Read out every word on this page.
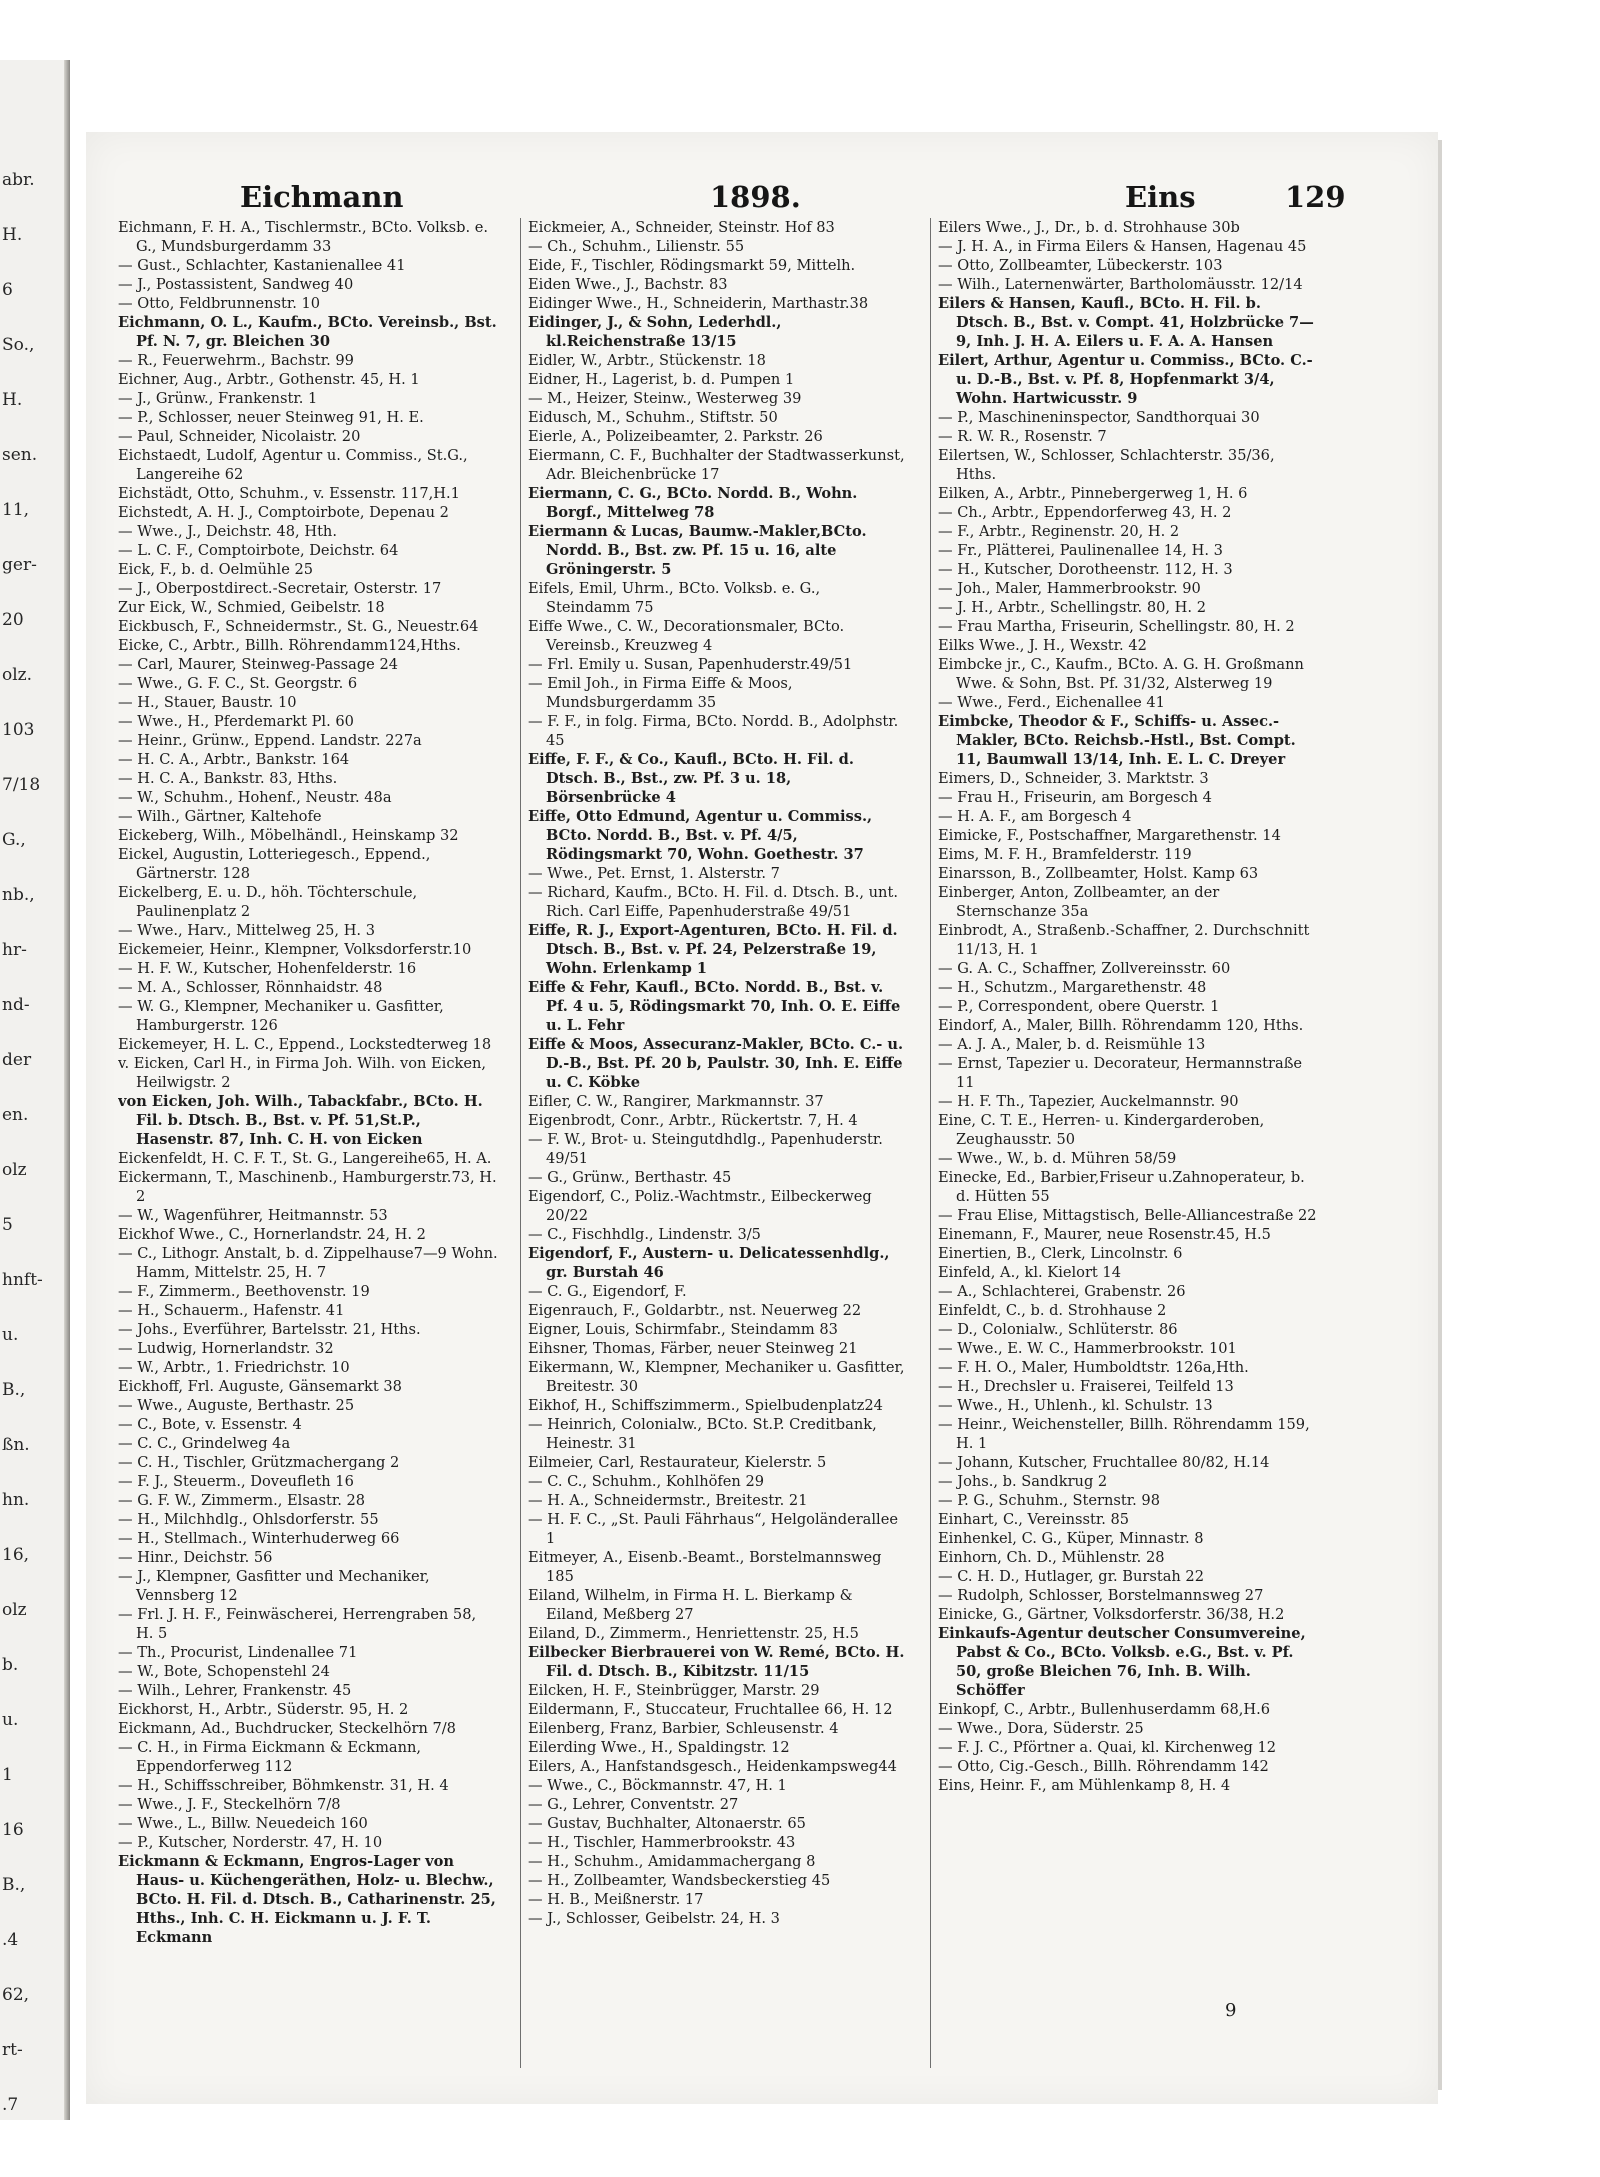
abr.
H.
6
So.,
H.
sen.
11,
ger-
20
olz.
103
7/18
G.,
nb.,
hr-
nd-
der
en.
olz
5
hnft-
u.
B.,
ßn.
hn.
16,
olz
b.
u.
1
16
B.,
.4
62,
rt-
.7
Eichmann	1898.	Eins	129

Eichmann, F. H. A., Tischlermstr., BCto. Volksb. e. G., Mundsburgerdamm 33

— Gust., Schlachter, Kastanienallee 41

— J., Postassistent, Sandweg 40

— Otto, Feldbrunnenstr. 10

Eichmann, O. L., Kaufm., BCto. Vereinsb., Bst. Pf. N. 7, gr. Bleichen 30

— R., Feuerwehrm., Bachstr. 99

Eichner, Aug., Arbtr., Gothenstr. 45, H. 1

— J., Grünw., Frankenstr. 1

— P., Schlosser, neuer Steinweg 91, H. E.

— Paul, Schneider, Nicolaistr. 20

Eichstaedt, Ludolf, Agentur u. Commiss., St.G., Langereihe 62

Eichstädt, Otto, Schuhm., v. Essenstr. 117,H.1

Eichstedt, A. H. J., Comptoirbote, Depenau 2

— Wwe., J., Deichstr. 48, Hth.

— L. C. F., Comptoirbote, Deichstr. 64

Eick, F., b. d. Oelmühle 25

— J., Oberpostdirect.-Secretair, Osterstr. 17

Zur Eick, W., Schmied, Geibelstr. 18

Eickbusch, F., Schneidermstr., St. G., Neuestr.64

Eicke, C., Arbtr., Billh. Röhrendamm124,Hths.

— Carl, Maurer, Steinweg-Passage 24

— Wwe., G. F. C., St. Georgstr. 6

— H., Stauer, Baustr. 10

— Wwe., H., Pferdemarkt Pl. 60

— Heinr., Grünw., Eppend. Landstr. 227a

— H. C. A., Arbtr., Bankstr. 164

— H. C. A., Bankstr. 83, Hths.

— W., Schuhm., Hohenf., Neustr. 48a

— Wilh., Gärtner, Kaltehofe

Eickeberg, Wilh., Möbelhändl., Heinskamp 32

Eickel, Augustin, Lotteriegesch., Eppend., Gärtnerstr. 128

Eickelberg, E. u. D., höh. Töchterschule, Paulinenplatz 2

— Wwe., Harv., Mittelweg 25, H. 3

Eickemeier, Heinr., Klempner, Volksdorferstr.10

— H. F. W., Kutscher, Hohenfelderstr. 16

— M. A., Schlosser, Rönnhaidstr. 48

— W. G., Klempner, Mechaniker u. Gasfitter, Hamburgerstr. 126

Eickemeyer, H. L. C., Eppend., Lockstedterweg 18

v. Eicken, Carl H., in Firma Joh. Wilh. von Eicken, Heilwigstr. 2

von Eicken, Joh. Wilh., Tabackfabr., BCto. H. Fil. b. Dtsch. B., Bst. v. Pf. 51,St.P., Hasenstr. 87, Inh. C. H. von Eicken

Eickenfeldt, H. C. F. T., St. G., Langereihe65, H. A.

Eickermann, T., Maschinenb., Hamburgerstr.73, H. 2

— W., Wagenführer, Heitmannstr. 53

Eickhof Wwe., C., Hornerlandstr. 24, H. 2

— C., Lithogr. Anstalt, b. d. Zippelhause7—9 Wohn. Hamm, Mittelstr. 25, H. 7

— F., Zimmerm., Beethovenstr. 19

— H., Schauerm., Hafenstr. 41

— Johs., Everführer, Bartelsstr. 21, Hths.

— Ludwig, Hornerlandstr. 32

— W., Arbtr., 1. Friedrichstr. 10

Eickhoff, Frl. Auguste, Gänsemarkt 38

— Wwe., Auguste, Berthastr. 25

— C., Bote, v. Essenstr. 4

— C. C., Grindelweg 4a

— C. H., Tischler, Grützmachergang 2

— F. J., Steuerm., Doveufleth 16

— G. F. W., Zimmerm., Elsastr. 28

— H., Milchhdlg., Ohlsdorferstr. 55

— H., Stellmach., Winterhuderweg 66

— Hinr., Deichstr. 56

— J., Klempner, Gasfitter und Mechaniker, Vennsberg 12

— Frl. J. H. F., Feinwäscherei, Herrengraben 58, H. 5

— Th., Procurist, Lindenallee 71

— W., Bote, Schopenstehl 24

— Wilh., Lehrer, Frankenstr. 45

Eickhorst, H., Arbtr., Süderstr. 95, H. 2

Eickmann, Ad., Buchdrucker, Steckelhörn 7/8

— C. H., in Firma Eickmann & Eckmann, Eppendorferweg 112

— H., Schiffsschreiber, Böhmkenstr. 31, H. 4

— Wwe., J. F., Steckelhörn 7/8

— Wwe., L., Billw. Neuedeich 160

— P., Kutscher, Norderstr. 47, H. 10

Eickmann & Eckmann, Engros-Lager von Haus- u. Küchengeräthen, Holz- u. Blechw., BCto. H. Fil. d. Dtsch. B., Catharinenstr. 25, Hths., Inh. C. H. Eickmann u. J. F. T. Eckmann

Eickmeier, A., Schneider, Steinstr. Hof 83

— Ch., Schuhm., Lilienstr. 55

Eide, F., Tischler, Rödingsmarkt 59, Mittelh.

Eiden Wwe., J., Bachstr. 83

Eidinger Wwe., H., Schneiderin, Marthastr.38

Eidinger, J., & Sohn, Lederhdl., kl.Reichenstraße 13/15

Eidler, W., Arbtr., Stückenstr. 18

Eidner, H., Lagerist, b. d. Pumpen 1

— M., Heizer, Steinw., Westerweg 39

Eidusch, M., Schuhm., Stiftstr. 50

Eierle, A., Polizeibeamter, 2. Parkstr. 26

Eiermann, C. F., Buchhalter der Stadtwasserkunst, Adr. Bleichenbrücke 17

Eiermann, C. G., BCto. Nordd. B., Wohn. Borgf., Mittelweg 78

Eiermann & Lucas, Baumw.-Makler,BCto. Nordd. B., Bst. zw. Pf. 15 u. 16, alte Gröningerstr. 5

Eifels, Emil, Uhrm., BCto. Volksb. e. G., Steindamm 75

Eiffe Wwe., C. W., Decorationsmaler, BCto. Vereinsb., Kreuzweg 4

— Frl. Emily u. Susan, Papenhuderstr.49/51

— Emil Joh., in Firma Eiffe & Moos, Mundsburgerdamm 35

— F. F., in folg. Firma, BCto. Nordd. B., Adolphstr. 45

Eiffe, F. F., & Co., Kaufl., BCto. H. Fil. d. Dtsch. B., Bst., zw. Pf. 3 u. 18, Börsenbrücke 4

Eiffe, Otto Edmund, Agentur u. Commiss., BCto. Nordd. B., Bst. v. Pf. 4/5, Rödingsmarkt 70, Wohn. Goethestr. 37

— Wwe., Pet. Ernst, 1. Alsterstr. 7

— Richard, Kaufm., BCto. H. Fil. d. Dtsch. B., unt. Rich. Carl Eiffe, Papenhuderstraße 49/51

Eiffe, R. J., Export-Agenturen, BCto. H. Fil. d. Dtsch. B., Bst. v. Pf. 24, Pelzerstraße 19, Wohn. Erlenkamp 1

Eiffe & Fehr, Kaufl., BCto. Nordd. B., Bst. v. Pf. 4 u. 5, Rödingsmarkt 70, Inh. O. E. Eiffe u. L. Fehr

Eiffe & Moos, Assecuranz-Makler, BCto. C.- u. D.-B., Bst. Pf. 20 b, Paulstr. 30, Inh. E. Eiffe u. C. Köbke

Eifler, C. W., Rangirer, Markmannstr. 37

Eigenbrodt, Conr., Arbtr., Rückertstr. 7, H. 4

— F. W., Brot- u. Steingutdhdlg., Papenhuderstr. 49/51

— G., Grünw., Berthastr. 45

Eigendorf, C., Poliz.-Wachtmstr., Eilbeckerweg 20/22

— C., Fischhdlg., Lindenstr. 3/5

Eigendorf, F., Austern- u. Delicatessenhdlg., gr. Burstah 46

— C. G., Eigendorf, F.

Eigenrauch, F., Goldarbtr., nst. Neuerweg 22

Eigner, Louis, Schirmfabr., Steindamm 83

Eihsner, Thomas, Färber, neuer Steinweg 21

Eikermann, W., Klempner, Mechaniker u. Gasfitter, Breitestr. 30

Eikhof, H., Schiffszimmerm., Spielbudenplatz24

— Heinrich, Colonialw., BCto. St.P. Creditbank, Heinestr. 31

Eilmeier, Carl, Restaurateur, Kielerstr. 5

— C. C., Schuhm., Kohlhöfen 29

— H. A., Schneidermstr., Breitestr. 21

— H. F. C., „St. Pauli Fährhaus“, Helgoländerallee 1

Eitmeyer, A., Eisenb.-Beamt., Borstelmannsweg 185

Eiland, Wilhelm, in Firma H. L. Bierkamp & Eiland, Meßberg 27

Eiland, D., Zimmerm., Henriettenstr. 25, H.5

Eilbecker Bierbrauerei von W. Remé, BCto. H. Fil. d. Dtsch. B., Kibitzstr. 11/15

Eilcken, H. F., Steinbrügger, Marstr. 29

Eildermann, F., Stuccateur, Fruchtallee 66, H. 12

Eilenberg, Franz, Barbier, Schleusenstr. 4

Eilerding Wwe., H., Spaldingstr. 12

Eilers, A., Hanfstandsgesch., Heidenkampsweg44

— Wwe., C., Böckmannstr. 47, H. 1

— G., Lehrer, Conventstr. 27

— Gustav, Buchhalter, Altonaerstr. 65

— H., Tischler, Hammerbrookstr. 43

— H., Schuhm., Amidammachergang 8

— H., Zollbeamter, Wandsbeckerstieg 45

— H. B., Meißnerstr. 17

— J., Schlosser, Geibelstr. 24, H. 3

Eilers Wwe., J., Dr., b. d. Strohhause 30b

— J. H. A., in Firma Eilers & Hansen, Hagenau 45

— Otto, Zollbeamter, Lübeckerstr. 103

— Wilh., Laternenwärter, Bartholomäusstr. 12/14

Eilers & Hansen, Kaufl., BCto. H. Fil. b. Dtsch. B., Bst. v. Compt. 41, Holzbrücke 7—9, Inh. J. H. A. Eilers u. F. A. A. Hansen

Eilert, Arthur, Agentur u. Commiss., BCto. C.- u. D.-B., Bst. v. Pf. 8, Hopfenmarkt 3/4, Wohn. Hartwicusstr. 9

— P., Maschineninspector, Sandthorquai 30

— R. W. R., Rosenstr. 7

Eilertsen, W., Schlosser, Schlachterstr. 35/36, Hths.

Eilken, A., Arbtr., Pinnebergerweg 1, H. 6

— Ch., Arbtr., Eppendorferweg 43, H. 2

— F., Arbtr., Reginenstr. 20, H. 2

— Fr., Plätterei, Paulinenallee 14, H. 3

— H., Kutscher, Dorotheenstr. 112, H. 3

— Joh., Maler, Hammerbrookstr. 90

— J. H., Arbtr., Schellingstr. 80, H. 2

— Frau Martha, Friseurin, Schellingstr. 80, H. 2

Eilks Wwe., J. H., Wexstr. 42

Eimbcke jr., C., Kaufm., BCto. A. G. H. Großmann Wwe. & Sohn, Bst. Pf. 31/32, Alsterweg 19

— Wwe., Ferd., Eichenallee 41

Eimbcke, Theodor & F., Schiffs- u. Assec.-Makler, BCto. Reichsb.-Hstl., Bst. Compt. 11, Baumwall 13/14, Inh. E. L. C. Dreyer

Eimers, D., Schneider, 3. Marktstr. 3

— Frau H., Friseurin, am Borgesch 4

— H. A. F., am Borgesch 4

Eimicke, F., Postschaffner, Margarethenstr. 14

Eims, M. F. H., Bramfelderstr. 119

Einarsson, B., Zollbeamter, Holst. Kamp 63

Einberger, Anton, Zollbeamter, an der Sternschanze 35a

Einbrodt, A., Straßenb.-Schaffner, 2. Durchschnitt 11/13, H. 1

— G. A. C., Schaffner, Zollvereinsstr. 60

— H., Schutzm., Margarethenstr. 48

— P., Correspondent, obere Querstr. 1

Eindorf, A., Maler, Billh. Röhrendamm 120, Hths.

— A. J. A., Maler, b. d. Reismühle 13

— Ernst, Tapezier u. Decorateur, Hermannstraße 11

— H. F. Th., Tapezier, Auckelmannstr. 90

Eine, C. T. E., Herren- u. Kindergarderoben, Zeughausstr. 50

— Wwe., W., b. d. Mühren 58/59

Einecke, Ed., Barbier,Friseur u.Zahnoperateur, b. d. Hütten 55

— Frau Elise, Mittagstisch, Belle-Alliancestraße 22

Einemann, F., Maurer, neue Rosenstr.45, H.5

Einertien, B., Clerk, Lincolnstr. 6

Einfeld, A., kl. Kielort 14

— A., Schlachterei, Grabenstr. 26

Einfeldt, C., b. d. Strohhause 2

— D., Colonialw., Schlüterstr. 86

— Wwe., E. W. C., Hammerbrookstr. 101

— F. H. O., Maler, Humboldtstr. 126a,Hth.

— H., Drechsler u. Fraiserei, Teilfeld 13

— Wwe., H., Uhlenh., kl. Schulstr. 13

— Heinr., Weichensteller, Billh. Röhrendamm 159, H. 1

— Johann, Kutscher, Fruchtallee 80/82, H.14

— Johs., b. Sandkrug 2

— P. G., Schuhm., Sternstr. 98

Einhart, C., Vereinsstr. 85

Einhenkel, C. G., Küper, Minnastr. 8

Einhorn, Ch. D., Mühlenstr. 28

— C. H. D., Hutlager, gr. Burstah 22

— Rudolph, Schlosser, Borstelmannsweg 27

Einicke, G., Gärtner, Volksdorferstr. 36/38, H.2

Einkaufs-Agentur deutscher Consumvereine, Pabst & Co., BCto. Volksb. e.G., Bst. v. Pf. 50, große Bleichen 76, Inh. B. Wilh. Schöffer

Einkopf, C., Arbtr., Bullenhuserdamm 68,H.6

— Wwe., Dora, Süderstr. 25

— F. J. C., Pförtner a. Quai, kl. Kirchenweg 12

— Otto, Cig.-Gesch., Billh. Röhrendamm 142

Eins, Heinr. F., am Mühlenkamp 8, H. 4

9
